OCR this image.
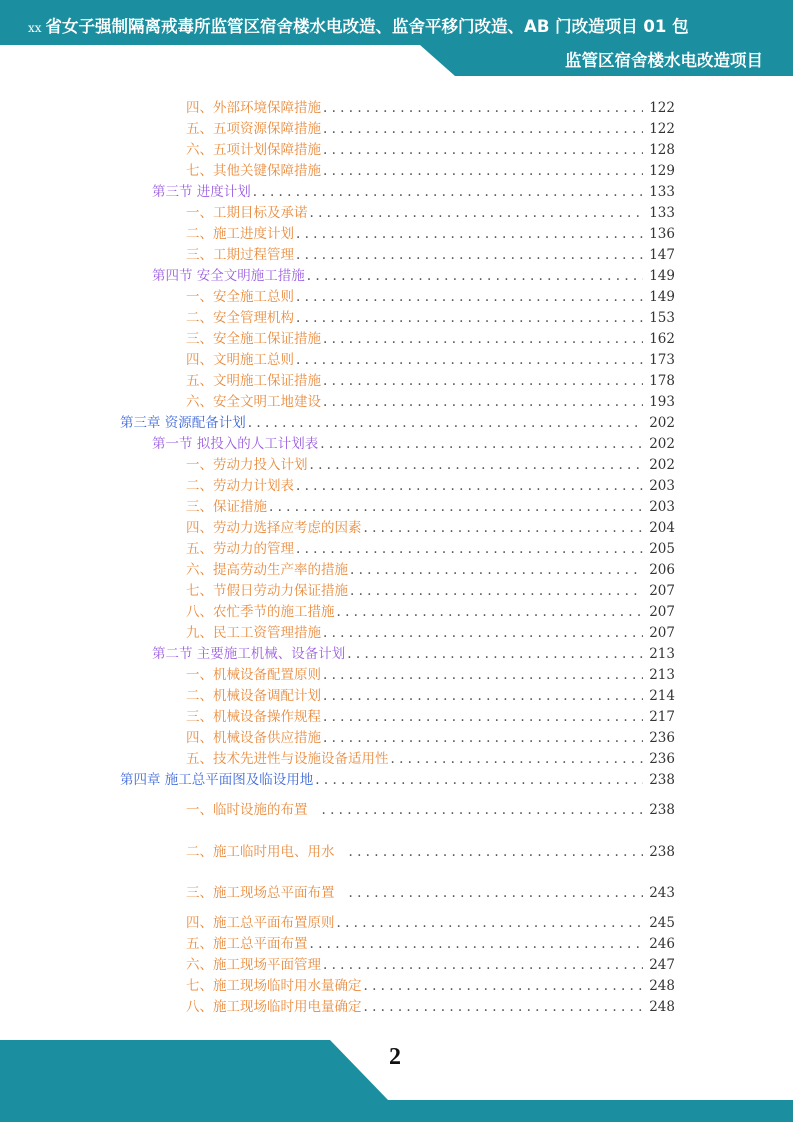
xx 省女子强制隔离戒毒所监管区宿舍楼水电改造、监舍平移门改造、AB 门改造项目 01 包
监管区宿舍楼水电改造项目
四、外部环境保障措施 . . .	122
五、五项资源保障措施 . . .	122
六、五项计划保障措施 . . .	128
七、其他关键保障措施 . . .	129
第三节 进度计划 . . .	133
一、工期目标及承诺 . . .	133
二、施工进度计划 . . .	136
三、工期过程管理 . . .	147
第四节 安全文明施工措施 . . .	149
一、安全施工总则 . . .	149
二、安全管理机构 . . .	153
三、安全施工保证措施 . . .	162
四、文明施工总则 . . .	173
五、文明施工保证措施 . . .	178
六、安全文明工地建设 . . .	193
第三章 资源配备计划 . . .	202
第一节 拟投入的人工计划表 . . .	202
一、劳动力投入计划 . . .	202
二、劳动力计划表 . . .	203
三、保证措施 . . .	203
四、劳动力选择应考虑的因素 . . .	204
五、劳动力的管理 . . .	205
六、提高劳动生产率的措施 . . .	206
七、节假日劳动力保证措施 . . .	207
八、农忙季节的施工措施 . . .	207
九、民工工资管理措施 . . .	207
第二节 主要施工机械、设备计划 . . .	213
一、机械设备配置原则 . . .	213
二、机械设备调配计划 . . .	214
三、机械设备操作规程 . . .	217
四、机械设备供应措施 . . .	236
五、技术先进性与设施设备适用性 . . .	236
第四章 施工总平面图及临设用地 . . .	238
一、临时设施的布置 . . .	238
二、施工临时用电、用水 . . .	238
三、施工现场总平面布置 . . .	243
四、施工总平面布置原则 . . .	245
五、施工总平面布置 . . .	246
六、施工现场平面管理 . . .	247
七、施工现场临时用水量确定 . . .	248
八、施工现场临时用电量确定 . . .	248
2
